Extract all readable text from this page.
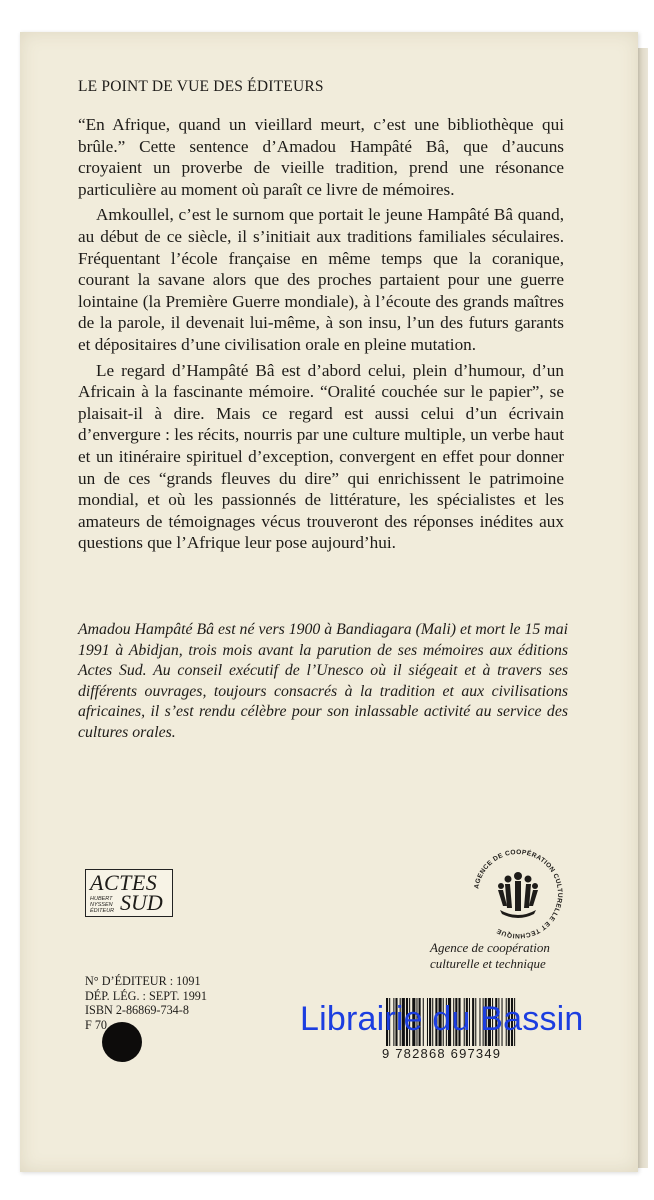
LE POINT DE VUE DES ÉDITEURS

“En Afrique, quand un vieillard meurt, c’est une bibliothèque qui brûle.” Cette sentence d’Amadou Hampâté Bâ, que d’aucuns croyaient un proverbe de vieille tradition, prend une résonance particulière au moment où paraît ce livre de mémoires.

Amkoullel, c’est le surnom que portait le jeune Hampâté Bâ quand, au début de ce siècle, il s’initiait aux traditions familiales séculaires. Fréquentant l’école française en même temps que la coranique, courant la savane alors que des proches partaient pour une guerre lointaine (la Première Guerre mondiale), à l’écoute des grands maîtres de la parole, il devenait lui-même, à son insu, l’un des futurs garants et dépositaires d’une civilisation orale en pleine mutation.

Le regard d’Hampâté Bâ est d’abord celui, plein d’humour, d’un Africain à la fascinante mémoire. “Oralité couchée sur le papier”, se plaisait-il à dire. Mais ce regard est aussi celui d’un écrivain d’envergure : les récits, nourris par une culture multiple, un verbe haut et un itinéraire spirituel d’exception, convergent en effet pour donner un de ces “grands fleuves du dire” qui enrichissent le patrimoine mondial, et où les passionnés de littérature, les spécialistes et les amateurs de témoignages vécus trouveront des réponses inédites aux questions que l’Afrique leur pose aujourd’hui.

Amadou Hampâté Bâ est né vers 1900 à Bandiagara (Mali) et mort le 15 mai 1991 à Abidjan, trois mois avant la parution de ses mémoires aux éditions Actes Sud. Au conseil exécutif de l’Unesco où il siégeait et à travers ses différents ouvrages, toujours consacrés à la tradition et aux civilisations africaines, il s’est rendu célèbre pour son inlassable activité au service des cultures orales.
ACTES
HUBERT NYSSEN ÉDITEUR SUD
AGENCE DE COOPÉRATION CULTURELLE ET TECHNIQUE
Agence de coopération
culturelle et technique
N° D’ÉDITEUR : 1091
DÉP. LÉG. : SEPT. 1991
ISBN 2-86869-734-8
F 70
9 782868 697349
Librairie du Bassin
